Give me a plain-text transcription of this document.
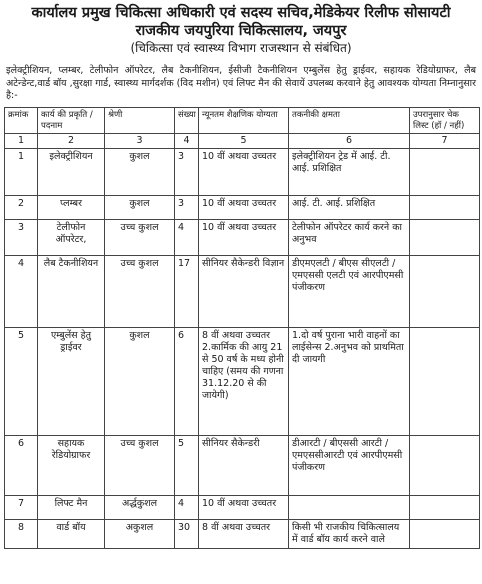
कार्यालय प्रमुख चिकित्सा अधिकारी एवं सदस्य सचिव,मेडिकेयर रिलीफ सोसायटी
राजकीय जयपुरिया चिकित्सालय, जयपुर
(चिकित्सा एवं स्वास्थ्य विभाग राजस्थान से संबंधित)
इलेक्ट्रीशियन, प्लम्बर, टेलीफोन ऑपरेटर, लैब टैकनीशियन, ईसीजी टैकनीशियन एम्बुलेंस हेतु ड्राईवर, सहायक रेडियोग्राफर, लैब अटेन्डेन्ट,वार्ड बॉय ,सुरक्षा गार्ड, स्वास्थ्य मार्गदर्शक (विद मशीन) एवं लिफ्ट मैन की सेवायें उपलब्ध करवाने हेतु आवश्यक योग्यता निम्नानुसार है:-
क्रमांक	कार्य की प्रकृति / पदनाम	श्रेणी	संख्या	न्यूनतम शैक्षणिक योग्यता	तकनीकी क्षमता	उपरानुसार चेक लिस्ट (हॉ / नहीं)
1	2	3	4	5	6	7
1	इलेक्ट्रीशियन	कुशल	3	10 वीं अथवा उच्चतर	इलेक्ट्रीशियन ट्रेड में आई. टी. आई. प्रशिक्षित	
2	प्लम्बर	कुशल	3	10 वीं अथवा उच्चतर	आई. टी. आई. प्रशिक्षित	
3	टेलीफोन ऑपरेटर,	उच्च कुशल	4	10 वीं अथवा उच्चतर	टेलीफोन ऑपरेटर कार्य करने का अनुभव	
4	लैब टैकनीशियन	उच्च कुशल	17	सीनियर सैकेन्डरी विज्ञान	डीएमएलटी / बीएस सीएलटी / एमएससी एलटी एवं आरपीएमसी पंजीकरण	
5	एम्बुलेंस हेतु ड्राईवर	कुशल	6	8 वीं अथवा उच्चतर 2.कार्मिक की आयु 21 से 50 वर्ष के मध्य होनी चाहिए (समय की गणना 31.12.20 से की जायेगी)	1.दो वर्ष पुराना भारी वाहनों का लाईसेन्स 2.अनुभव को प्राथमिता दी जायगी	
6	सहायक रेडियोग्राफर	उच्च कुशल	5	सीनियर सैकेन्डरी	डीआरटी / बीएससी आरटी / एमएससीआरटी एवं आरपीएमसी पंजीकरण	
7	लिफ्ट मैन	अर्द्धकुशल	4	10 वीं अथवा उच्चतर		
8	वार्ड बॉय	अकुशल	30	8 वीं अथवा उच्चतर	किसी भी राजकीय चिकित्सालय में वार्ड बॉय कार्य करने वाले	
